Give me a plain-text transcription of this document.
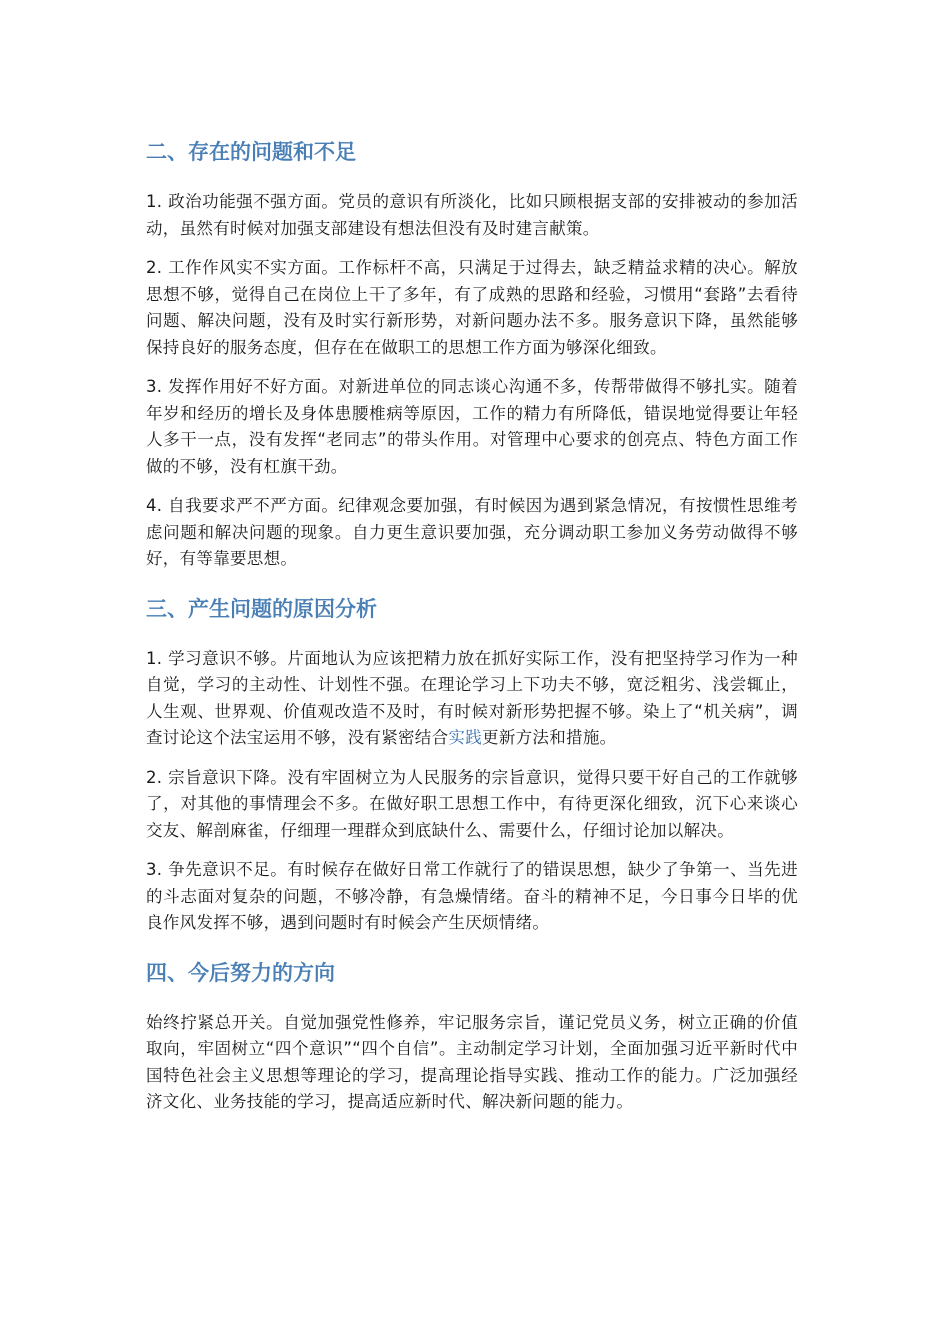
二、存在的问题和不足

1. 政治功能强不强方面。党员的意识有所淡化，比如只顾根据支部的安排被动的参加活动，虽然有时候对加强支部建设有想法但没有及时建言献策。

2. 工作作风实不实方面。工作标杆不高，只满足于过得去，缺乏精益求精的决心。解放思想不够，觉得自己在岗位上干了多年，有了成熟的思路和经验，习惯用“套路”去看待问题、解决问题，没有及时实行新形势，对新问题办法不多。服务意识下降，虽然能够保持良好的服务态度，但存在在做职工的思想工作方面为够深化细致。

3. 发挥作用好不好方面。对新进单位的同志谈心沟通不多，传帮带做得不够扎实。随着年岁和经历的增长及身体患腰椎病等原因，工作的精力有所降低，错误地觉得要让年轻人多干一点，没有发挥“老同志”的带头作用。对管理中心要求的创亮点、特色方面工作做的不够，没有杠旗干劲。

4. 自我要求严不严方面。纪律观念要加强，有时候因为遇到紧急情况，有按惯性思维考虑问题和解决问题的现象。自力更生意识要加强，充分调动职工参加义务劳动做得不够好，有等靠要思想。

三、产生问题的原因分析

1. 学习意识不够。片面地认为应该把精力放在抓好实际工作，没有把坚持学习作为一种自觉，学习的主动性、计划性不强。在理论学习上下功夫不够，宽泛粗劣、浅尝辄止，人生观、世界观、价值观改造不及时，有时候对新形势把握不够。染上了“机关病”，调查讨论这个法宝运用不够，没有紧密结合实践更新方法和措施。

2. 宗旨意识下降。没有牢固树立为人民服务的宗旨意识，觉得只要干好自己的工作就够了，对其他的事情理会不多。在做好职工思想工作中，有待更深化细致，沉下心来谈心交友、解剖麻雀，仔细理一理群众到底缺什么、需要什么，仔细讨论加以解决。

3. 争先意识不足。有时候存在做好日常工作就行了的错误思想，缺少了争第一、当先进的斗志面对复杂的问题，不够冷静，有急燥情绪。奋斗的精神不足，今日事今日毕的优良作风发挥不够，遇到问题时有时候会产生厌烦情绪。

四、今后努力的方向

始终拧紧总开关。自觉加强党性修养，牢记服务宗旨，谨记党员义务，树立正确的价值取向，牢固树立“四个意识”“四个自信”。主动制定学习计划，全面加强习近平新时代中国特色社会主义思想等理论的学习，提高理论指导实践、推动工作的能力。广泛加强经济文化、业务技能的学习，提高适应新时代、解决新问题的能力。
